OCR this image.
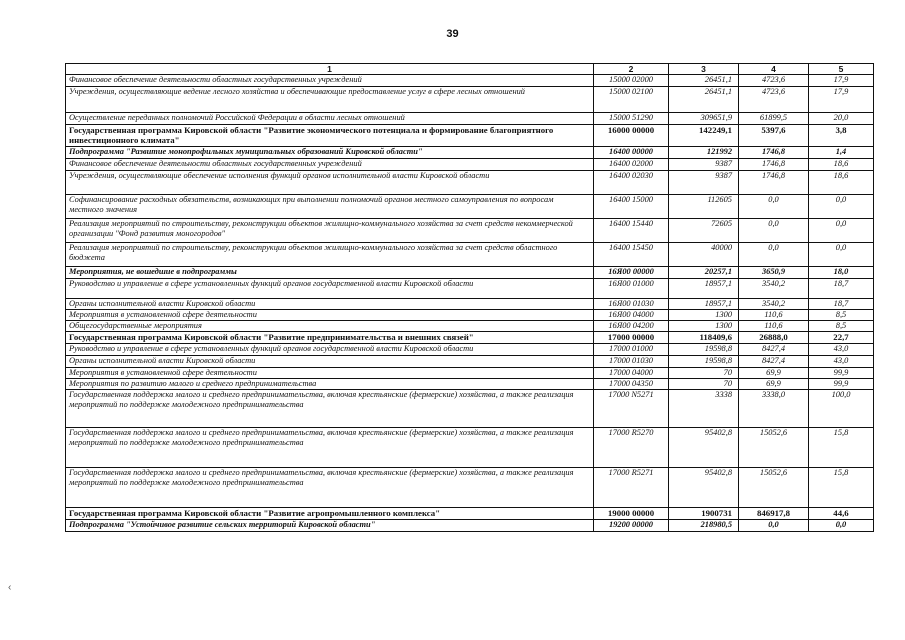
39
1	2	3	4	5
Финансовое обеспечение деятельности областных государственных учреждений	15000 02000	26451,1	4723,6	17,9
Учреждения, осуществляющие ведение лесного хозяйства и обеспечивающие предоставление услуг в сфере лесных отношений	15000 02100	26451,1	4723,6	17,9
Осуществление переданных полномочий Российской Федерации в области лесных отношений	15000 51290	309651,9	61899,5	20,0
Государственная программа Кировской области "Развитие экономического потенциала и формирование благоприятного инвестиционного климата"	16000 00000	142249,1	5397,6	3,8
Подпрограмма "Развитие монопрофильных муниципальных образований Кировской области"	16400 00000	121992	1746,8	1,4
Финансовое обеспечение деятельности областных государственных учреждений	16400 02000	9387	1746,8	18,6
Учреждения, осуществляющие обеспечение исполнения функций органов исполнительной власти Кировской области	16400 02030	9387	1746,8	18,6
Софинансирование расходных обязательств, возникающих при выполнении полномочий органов местного самоуправления по вопросам местного значения	16400 15000	112605	0,0	0,0
Реализация мероприятий по строительству, реконструкции объектов жилищно-коммунального хозяйства за счет средств некоммерческой организации "Фонд развития моногородов"	16400 15440	72605	0,0	0,0
Реализация мероприятий по строительству, реконструкции объектов жилищно-коммунального хозяйства за счет средств областного бюджета	16400 15450	40000	0,0	0,0
Мероприятия, не вошедшие в подпрограммы	16Я00 00000	20257,1	3650,9	18,0
Руководство и управление в сфере установленных функций органов государственной власти Кировской области	16Я00 01000	18957,1	3540,2	18,7
Органы исполнительной власти Кировской области	16Я00 01030	18957,1	3540,2	18,7
Мероприятия в установленной сфере деятельности	16Я00 04000	1300	110,6	8,5
Общегосударственные мероприятия	16Я00 04200	1300	110,6	8,5
Государственная программа Кировской области "Развитие предпринимательства и внешних связей"	17000 00000	118409,6	26888,0	22,7
Руководство и управление в сфере установленных функций органов государственной власти Кировской области	17000 01000	19598,8	8427,4	43,0
Органы исполнительной власти Кировской области	17000 01030	19598,8	8427,4	43,0
Мероприятия в установленной сфере деятельности	17000 04000	70	69,9	99,9
Мероприятия по развитию малого и среднего предпринимательства	17000 04350	70	69,9	99,9
Государственная поддержка малого и среднего предпринимательства, включая крестьянские (фермерские) хозяйства, а также реализация мероприятий по поддержке молодежного предпринимательства	17000 N5271	3338	3338,0	100,0
Государственная поддержка малого и среднего предпринимательства, включая крестьянские (фермерские) хозяйства, а также реализация мероприятий по поддержке молодежного предпринимательства	17000 R5270	95402,8	15052,6	15,8
Государственная поддержка малого и среднего предпринимательства, включая крестьянские (фермерские) хозяйства, а также реализация мероприятий по поддержке молодежного предпринимательства	17000 R5271	95402,8	15052,6	15,8
Государственная программа Кировской области "Развитие агропромышленного комплекса"	19000 00000	1900731	846917,8	44,6
Подпрограмма "Устойчивое развитие сельских территорий Кировской области"	19200 00000	218980,5	0,0	0,0
‹
